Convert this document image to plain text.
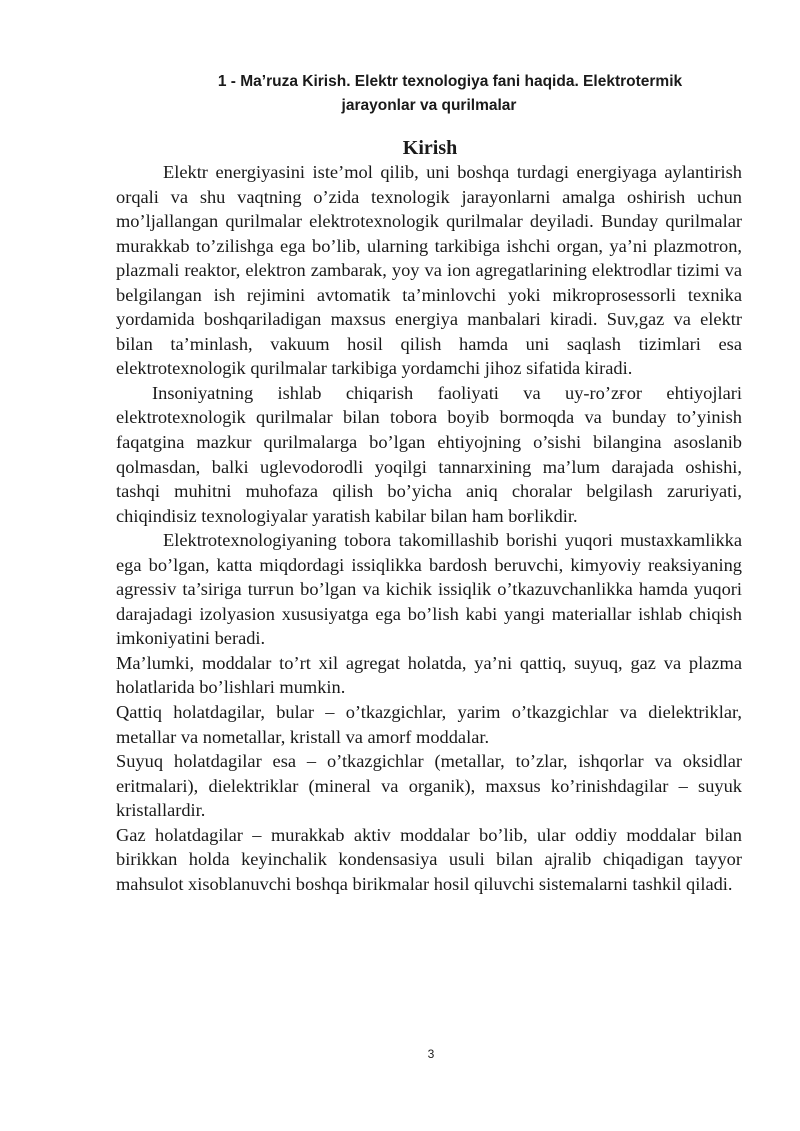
1 - Ma’ruza Kirish. Elektr texnologiya fani haqida. Elektrotermik
jarayonlar va qurilmalar
Kirish

Elektr energiyasini iste’mol qilib, uni boshqa turdagi energiyaga aylantirish orqali va shu vaqtning o’zida texnologik jarayonlarni amalga oshirish uchun mo’ljallangan qurilmalar elektrotexnologik qurilmalar deyiladi. Bunday qurilmalar murakkab to’zilishga ega bo’lib, ularning tarkibiga ishchi organ, ya’ni plazmotron, plazmali reaktor, elektron zambarak, yoy va ion agregatlarining elektrodlar tizimi va belgilangan ish rejimini avtomatik ta’minlovchi yoki mikroprosessorli texnika yordamida boshqariladigan maxsus energiya manbalari kiradi. Suv,gaz va elektr bilan ta’minlash, vakuum hosil qilish hamda uni saqlash tizimlari esa elektrotexnologik qurilmalar tarkibiga yordamchi jihoz sifatida kiradi.

Insoniyatning ishlab chiqarish faoliyati va uy-ro’zғor ehtiyojlari elektrotexnologik qurilmalar bilan tobora boyib bormoqda va bunday to’yinish faqatgina mazkur qurilmalarga bo’lgan ehtiyojning o’sishi bilangina asoslanib qolmasdan, balki uglevodorodli yoqilgi tannarxining ma’lum darajada oshishi, tashqi muhitni muhofaza qilish bo’yicha aniq choralar belgilash zaruriyati, chiqindisiz texnologiyalar yaratish kabilar bilan ham boғlikdir.

Elektrotexnologiyaning tobora takomillashib borishi yuqori mustaxkamlikka ega bo’lgan, katta miqdordagi issiqlikka bardosh beruvchi, kimyoviy reaksiyaning agressiv ta’siriga turғun bo’lgan va kichik issiqlik o’tkazuvchanlikka hamda yuqori darajadagi izolyasion xususiyatga ega bo’lish kabi yangi materiallar ishlab chiqish imkoniyatini beradi.

Ma’lumki, moddalar to’rt xil agregat holatda, ya’ni qattiq, suyuq, gaz va plazma holatlarida bo’lishlari mumkin.

Qattiq holatdagilar, bular – o’tkazgichlar, yarim o’tkazgichlar va dielektriklar, metallar va nometallar, kristall va amorf moddalar.

Suyuq holatdagilar esa – o’tkazgichlar (metallar, to’zlar, ishqorlar va oksidlar eritmalari), dielektriklar (mineral va organik), maxsus ko’rinishdagilar – suyuk kristallardir.

Gaz holatdagilar – murakkab aktiv moddalar bo’lib, ular oddiy moddalar bilan birikkan holda keyinchalik kondensasiya usuli bilan ajralib chiqadigan tayyor mahsulot xisoblanuvchi boshqa birikmalar hosil qiluvchi sistemalarni tashkil qiladi.

3
